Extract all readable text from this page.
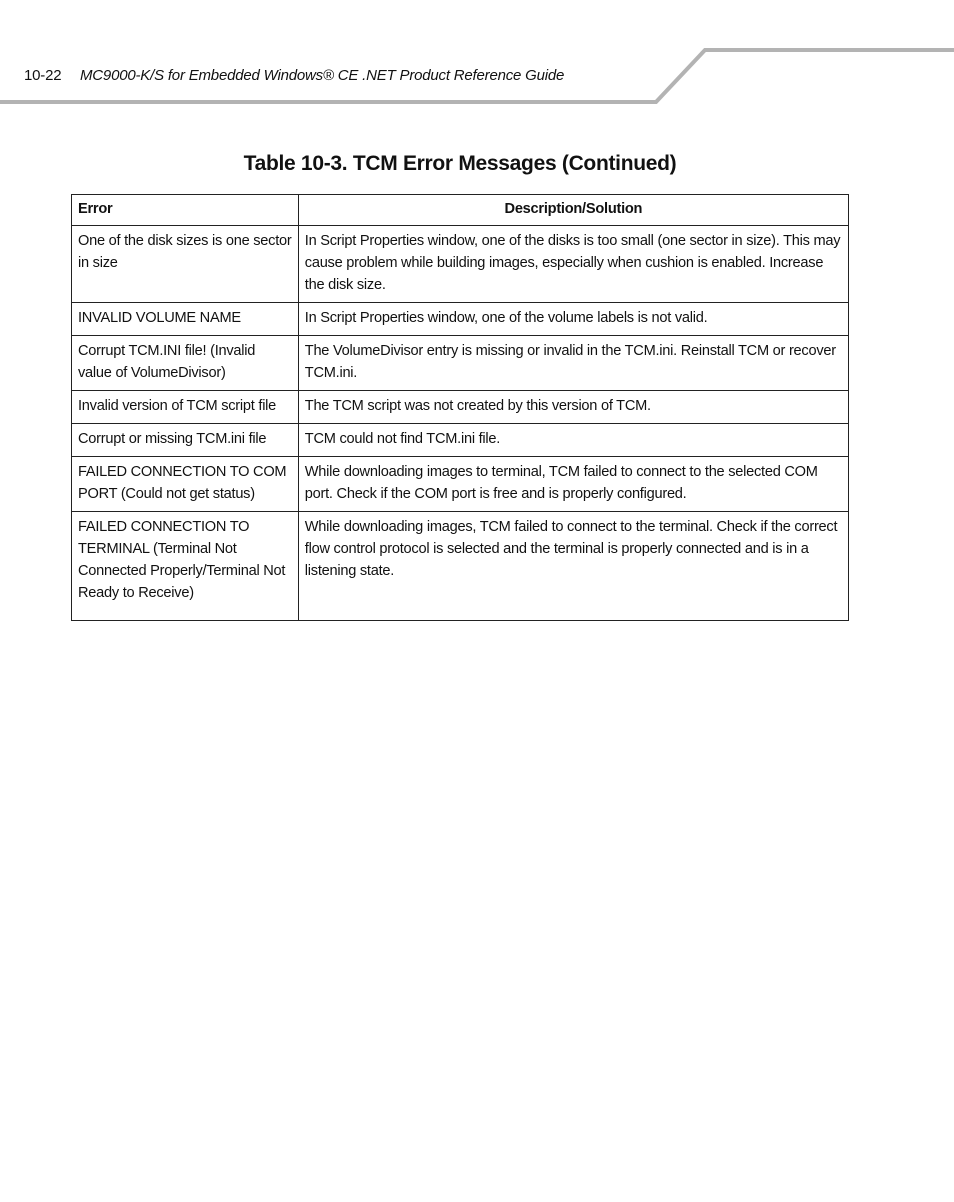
10-22 MC9000-K/S for Embedded Windows® CE .NET Product Reference Guide
Table 10-3. TCM Error Messages (Continued)
Error	Description/Solution
One of the disk sizes is one sector in size	In Script Properties window, one of the disks is too small (one sector in size). This may cause problem while building images, especially when cushion is enabled. Increase the disk size.
INVALID VOLUME NAME	In Script Properties window, one of the volume labels is not valid.
Corrupt TCM.INI file! (Invalid value of VolumeDivisor)	The VolumeDivisor entry is missing or invalid in the TCM.ini. Reinstall TCM or recover TCM.ini.
Invalid version of TCM script file	The TCM script was not created by this version of TCM.
Corrupt or missing TCM.ini file	TCM could not find TCM.ini file.
FAILED CONNECTION TO COM PORT (Could not get status)	While downloading images to terminal, TCM failed to connect to the selected COM port. Check if the COM port is free and is properly configured.
FAILED CONNECTION TO TERMINAL (Terminal Not Connected Properly/Terminal Not Ready to Receive)	While downloading images, TCM failed to connect to the terminal. Check if the correct flow control protocol is selected and the terminal is properly connected and is in a listening state.
